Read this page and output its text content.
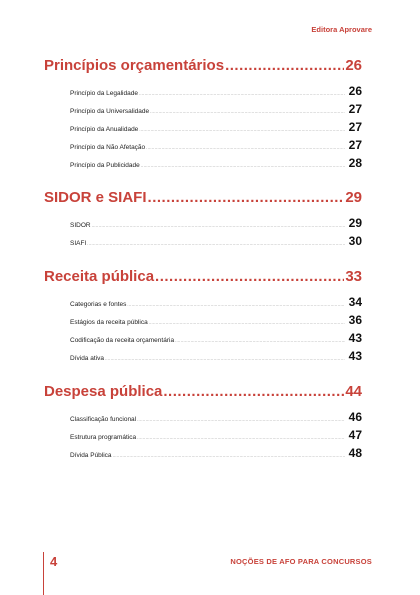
Editora Aprovare
Princípios orçamentários .....	26
Princípio da Legalidade .....	26
Princípio da Universalidade .....	27
Princípio da Anualidade .....	27
Princípio da Não Afetação .....	27
Princípio da Publicidade .....	28
SIDOR e SIAFI .....	29
SIDOR .....	29
SIAFI .....	30
Receita pública .....	33
Categorias e fontes .....	34
Estágios da receita pública .....	36
Codificação da receita orçamentária .....	43
Dívida ativa .....	43
Despesa pública .....	44
Classificação funcional .....	46
Estrutura programática .....	47
Dívida Pública .....	48
4	NOÇÕES DE AFO PARA CONCURSOS
